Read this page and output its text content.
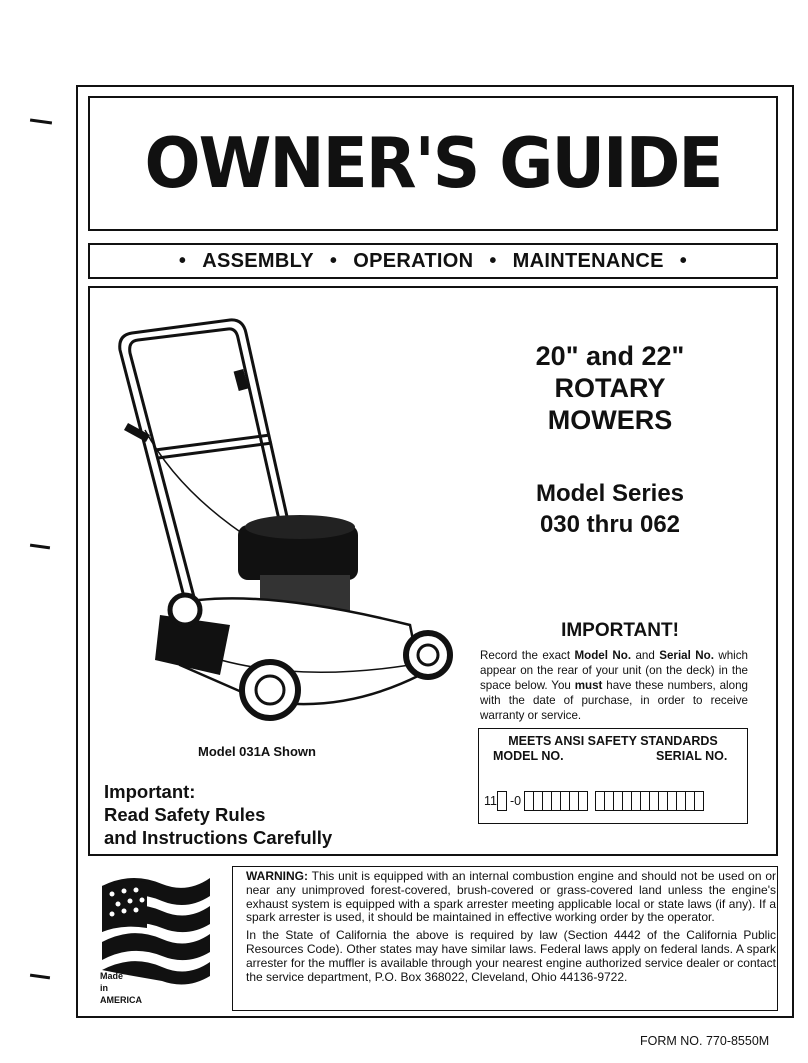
OWNER'S GUIDE
• ASSEMBLY • OPERATION • MAINTENANCE •
20" and 22"
ROTARY
MOWERS
Model Series
030 thru 062
IMPORTANT!
Record the exact Model No. and Serial No. which appear on the rear of your unit (on the deck) in the space below. You must have these numbers, along with the date of purchase, in order to receive warranty or service.
MEETS ANSI SAFETY STANDARDS
MODEL NO.	SERIAL NO.
11 -0
Model 031A Shown
Important:
Read Safety Rules
and Instructions Carefully
Made
in
AMERICA

WARNING: This unit is equipped with an internal combustion engine and should not be used on or near any unimproved forest-covered, brush-covered or grass-covered land unless the engine's exhaust system is equipped with a spark arrester meeting applicable local or state laws (if any). If a spark arrester is used, it should be maintained in effective working order by the operator.

In the State of California the above is required by law (Section 4442 of the California Public Resources Code). Other states may have similar laws. Federal laws apply on federal lands. A spark arrester for the muffler is available through your nearest engine authorized service dealer or contact the service department, P.O. Box 368022, Cleveland, Ohio 44136-9722.

FORM NO. 770-8550M
